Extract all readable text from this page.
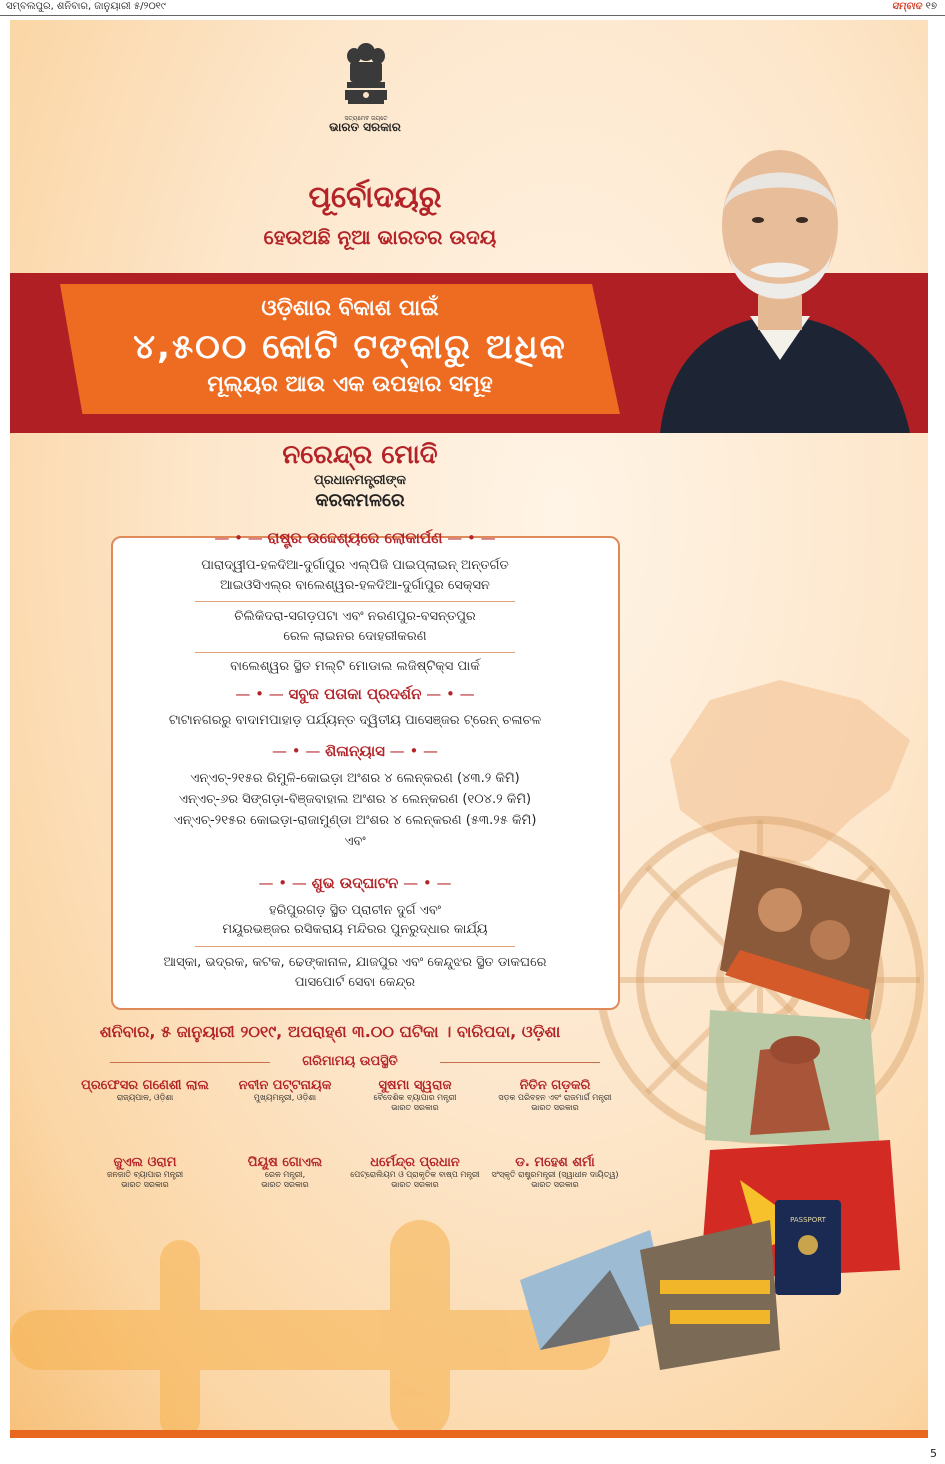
ସମ୍ବଲପୁର, ଶନିବାର, ଜାନୁୟାରୀ ୫/୨୦୧୯	ସମ୍ବାଦ ୧୭
ସତ୍ୟମେବ ଜୟତେ
ଭାରତ ସରକାର
ପୂର୍ବୋଦୟରୁ
ହେଉଅଛି ନୂଆ ଭାରତର ଉଦୟ
ଓଡ଼ିଶାର ବିକାଶ ପାଇଁ
୪,୫୦୦ କୋଟି ଟଙ୍କାରୁ ଅଧିକ
ମୂଲ୍ୟର ଆଉ ଏକ ଉପହାର ସମୂହ
ନରେନ୍ଦ୍ର ମୋଦି
ପ୍ରଧାନମନ୍ତ୍ରୀଙ୍କ
କରକମଳରେ
— • — ରାଷ୍ଟ୍ର ଉଦ୍ଦେଶ୍ୟରେ ଲୋକାର୍ପଣ — • —
ପାରାଦ୍ୱୀପ-ହଳଦିଆ-ଦୁର୍ଗାପୁର ଏଲ୍‌ପିଜି ପାଇପ୍‌ଲାଇନ୍ ଅନ୍ତର୍ଗତ
ଆଇଓସିଏଲ୍‌ର ବାଲେଶ୍ୱର-ହଳଦିଆ-ଦୁର୍ଗାପୁର ସେକ୍ସନ
ଚିଲିକିଦରା-ସଗଡ଼ପଟା ଏବଂ ନରଣପୁର-ବସନ୍ତପୁର
ରେଳ ଲାଇନର ଦୋହରୀକରଣ
ବାଲେଶ୍ୱର ସ୍ଥିତ ମଲ୍ଟି ମୋଡାଲ ଲଜିଷ୍ଟିକ୍ସ ପାର୍କ
— • — ସବୁଜ ପତାକା ପ୍ରଦର୍ଶନ — • —
ଟାଟାନଗରରୁ ବାଦାମପାହାଡ଼ ପର୍ଯ୍ୟନ୍ତ ଦ୍ୱିତୀୟ ପାସେଞ୍ଜର ଟ୍ରେନ୍ ଚଳାଚଳ
— • — ଶିଳାନ୍ୟାସ — • —
ଏନ୍‌ଏଚ୍-୨୧୫ର ରିମୁଳି-କୋଇଡ଼ା ଅଂଶର ୪ ଲେନ୍‌କରଣ (୪୩.୨ କିମି)
ଏନ୍‌ଏଚ୍-୬ର ସିଙ୍ଗଡ଼ା-ବିଞ୍ଜବାହାଲ ଅଂଶର ୪ ଲେନ୍‌କରଣ (୧୦୪.୨ କିମି)
ଏନ୍‌ଏଚ୍-୨୧୫ର କୋଇଡ଼ା-ରାଜାମୁଣ୍ଡା ଅଂଶର ୪ ଲେନ୍‌କରଣ (୫୩.୨୫ କିମି)
ଏବଂ
— • — ଶୁଭ ଉଦ୍‌ଘାଟନ — • —
ହରିପୁରଗଡ଼ ସ୍ଥିତ ପ୍ରାଚୀନ ଦୁର୍ଗ ଏବଂ
ମୟୂରଭଞ୍ଜର ରସିକରାୟ ମନ୍ଦିରର ପୁନରୁଦ୍ଧାର କାର୍ଯ୍ୟ
ଆସ୍କା, ଭଦ୍ରକ, କଟକ, ଢେଙ୍କାନାଳ, ଯାଜପୁର ଏବଂ କେନ୍ଦୁଝର ସ୍ଥିତ ଡାକଘରେ
ପାସପୋର୍ଟ ସେବା କେନ୍ଦ୍ର
PASSPORT
ଶନିବାର, ୫ ଜାନୁୟାରୀ ୨୦୧୯, ଅପରାହ୍ଣ ୩.୦୦ ଘଟିକା । ବାରିପଦା, ଓଡ଼ିଶା
ଗରିମାମୟ ଉପସ୍ଥିତି
ପ୍ରଫେସର ଗଣେଶୀ ଲାଲ
ରାଜ୍ୟପାଳ, ଓଡ଼ିଶା
ନବୀନ ପଟ୍ଟନାୟକ
ମୁଖ୍ୟମନ୍ତ୍ରୀ, ଓଡ଼ିଶା
ସୁଷମା ସ୍ୱରାଜ
ବୈଦେଶିକ ବ୍ୟାପାର ମନ୍ତ୍ରୀ
ଭାରତ ସରକାର
ନିତିନ ଗଡ଼କରି
ସଡ଼କ ପରିବହନ ଏବଂ ରାଜମାର୍ଗ ମନ୍ତ୍ରୀ
ଭାରତ ସରକାର
ଜୁଏଲ ଓରାମ
ଜନଜାତି ବ୍ୟାପାର ମନ୍ତ୍ରୀ
ଭାରତ ସରକାର
ପିୟୂଷ ଗୋଏଲ
ରେଳ ମନ୍ତ୍ରୀ,
ଭାରତ ସରକାର
ଧର୍ମେନ୍ଦ୍ର ପ୍ରଧାନ
ପେଟ୍ରୋଲିୟମ ଓ ପ୍ରାକୃତିକ ବାଷ୍ପ ମନ୍ତ୍ରୀ
ଭାରତ ସରକାର
ଡ. ମହେଶ ଶର୍ମା
ସଂସ୍କୃତି ରାଷ୍ଟ୍ରମନ୍ତ୍ରୀ (ସ୍ୱାଧୀନ ଦାୟିତ୍ୱ)
ଭାରତ ସରକାର
5
